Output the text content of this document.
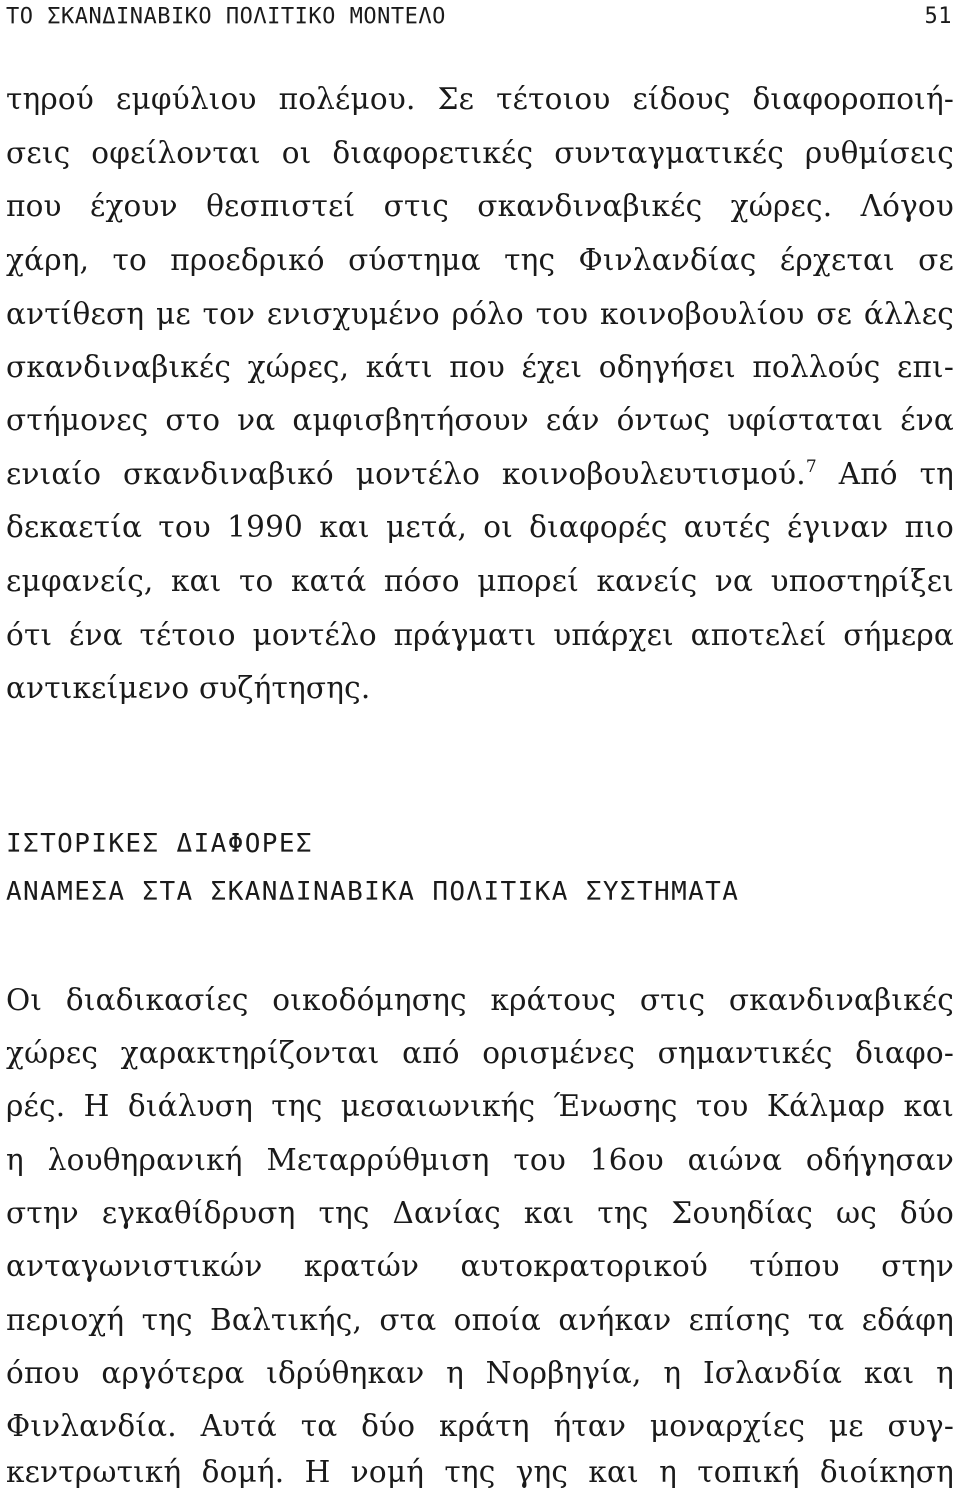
ΤΟ ΣΚΑΝΔΙΝΑΒΙΚΟ ΠΟΛΙΤΙΚΟ ΜΟΝΤΕΛΟ	51
τηρού εμφύλιου πολέμου. Σε τέτοιου είδους διαφοροποιή-
σεις οφείλονται οι διαφορετικές συνταγματικές ρυθμίσεις
που έχουν θεσπιστεί στις σκανδιναβικές χώρες. Λόγου
χάρη, το προεδρικό σύστημα της Φινλανδίας έρχεται σε
αντίθεση με τον ενισχυμένο ρόλο του κοινοβουλίου σε άλλες
σκανδιναβικές χώρες, κάτι που έχει οδηγήσει πολλούς επι-
στήμονες στο να αμφισβητήσουν εάν όντως υφίσταται ένα
ενιαίο σκανδιναβικό μοντέλο κοινοβουλευτισμού.$^7$ Από τη
δεκαετία του 1990 και μετά, οι διαφορές αυτές έγιναν πιο
εμφανείς, και το κατά πόσο μπορεί κανείς να υποστηρίξει
ότι ένα τέτοιο μοντέλο πράγματι υπάρχει αποτελεί σήμερα
αντικείμενο συζήτησης.
ΙΣΤΟΡΙΚΕΣ ΔΙΑΦΟΡΕΣ
ΑΝΑΜΕΣΑ ΣΤΑ ΣΚΑΝΔΙΝΑΒΙΚΑ ΠΟΛΙΤΙΚΑ ΣΥΣΤΗΜΑΤΑ
Οι διαδικασίες οικοδόμησης κράτους στις σκανδιναβικές
χώρες χαρακτηρίζονται από ορισμένες σημαντικές διαφο-
ρές. Η διάλυση της μεσαιωνικής Ένωσης του Κάλμαρ και
η λουθηρανική Μεταρρύθμιση του 16ου αιώνα οδήγησαν
στην εγκαθίδρυση της Δανίας και της Σουηδίας ως δύο
ανταγωνιστικών κρατών αυτοκρατορικού τύπου στην
περιοχή της Βαλτικής, στα οποία ανήκαν επίσης τα εδάφη
όπου αργότερα ιδρύθηκαν η Νορβηγία, η Ισλανδία και η
Φινλανδία. Αυτά τα δύο κράτη ήταν μοναρχίες με συγ-
κεντρωτική δομή. Η νομή της γης και η τοπική διοίκηση
